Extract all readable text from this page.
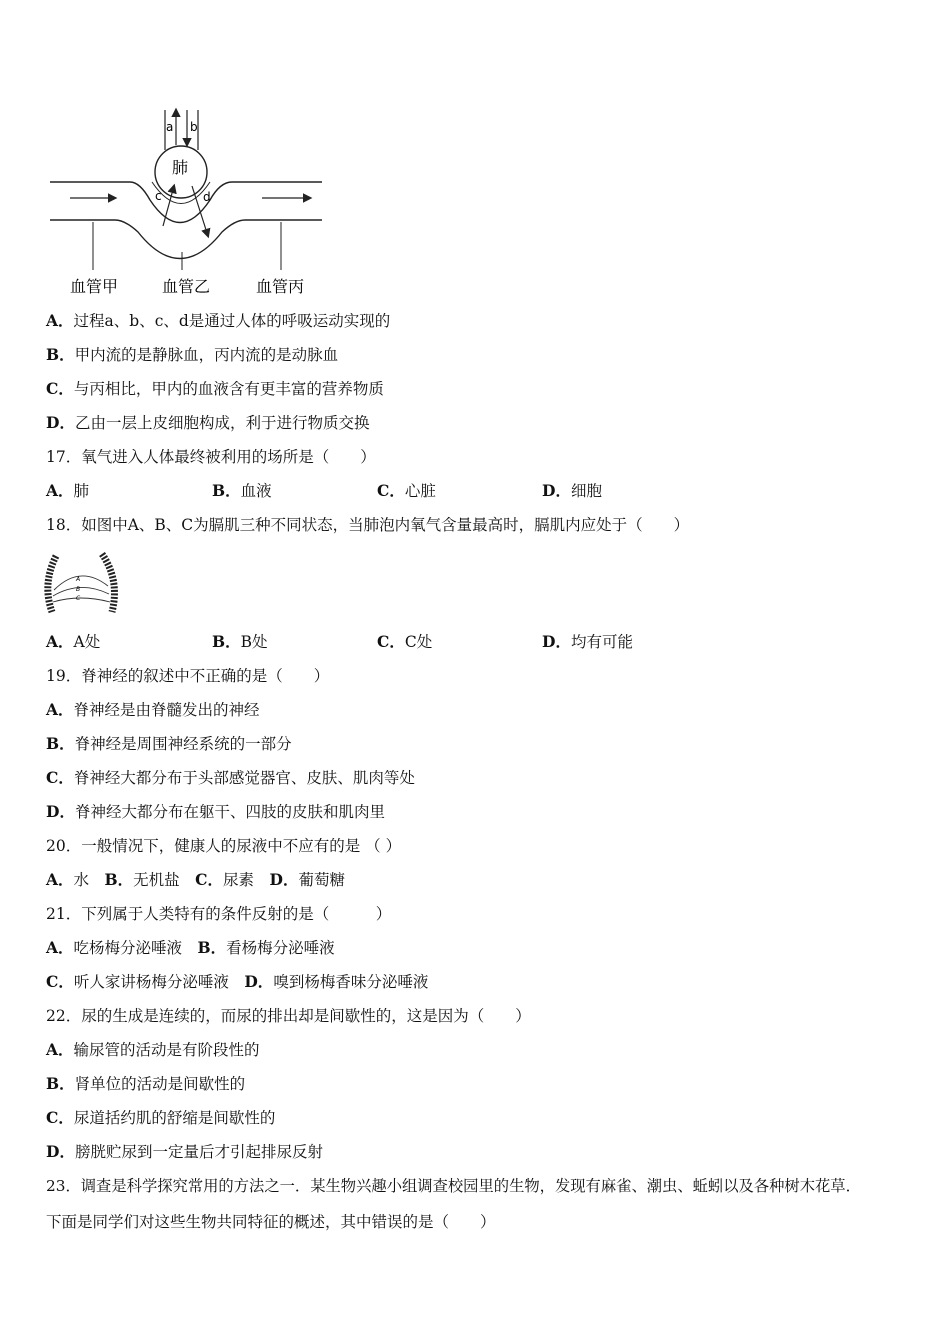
a b
肺
c	d
血管甲	血管乙	血管丙
A．过程a、b、c、d是通过人体的呼吸运动实现的
B．甲内流的是静脉血，丙内流的是动脉血
C．与丙相比，甲内的血液含有更丰富的营养物质
D．乙由一层上皮细胞构成，利于进行物质交换
17．氧气进入人体最终被利用的场所是（　　）
A．肺	B．血液	C．心脏	D．细胞
18．如图中A、B、C为膈肌三种不同状态，当肺泡内氧气含量最高时，膈肌内应处于（　　）
A
B
C
A．A处	B．B处	C．C处	D．均有可能
19．脊神经的叙述中不正确的是（　　）
A．脊神经是由脊髓发出的神经
B．脊神经是周围神经系统的一部分
C．脊神经大都分布于头部感觉器官、皮肤、肌肉等处
D．脊神经大都分布在躯干、四肢的皮肤和肌肉里
20．一般情况下，健康人的尿液中不应有的是 （ ）
A．水　B．无机盐　C．尿素　D．葡萄糖
21．下列属于人类特有的条件反射的是（　　　）
A．吃杨梅分泌唾液　B．看杨梅分泌唾液
C．听人家讲杨梅分泌唾液　D．嗅到杨梅香味分泌唾液
22．尿的生成是连续的，而尿的排出却是间歇性的，这是因为（　　）
A．输尿管的活动是有阶段性的
B．肾单位的活动是间歇性的
C．尿道括约肌的舒缩是间歇性的
D．膀胱贮尿到一定量后才引起排尿反射
23．调查是科学探究常用的方法之一．某生物兴趣小组调查校园里的生物，发现有麻雀、潮虫、蚯蚓以及各种树木花草．
下面是同学们对这些生物共同特征的概述，其中错误的是（　　）
